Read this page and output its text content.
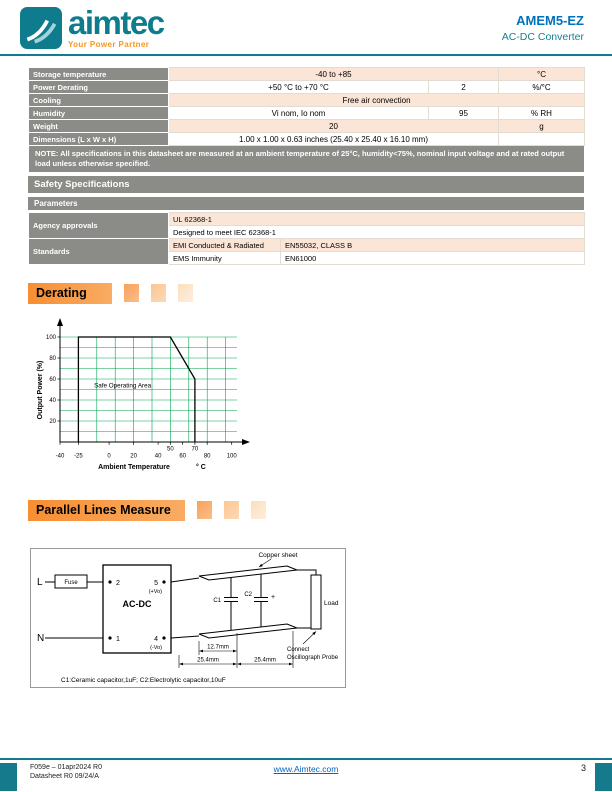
aimtec
Your Power Partner
AMEM5-EZ
AC-DC Converter
Storage temperature	-40 to +85		°C
Power Derating	+50 °C to +70 °C	2	%/°C
Cooling	Free air convection		
Humidity	Vi nom, Io nom	95	% RH
Weight	20		g
Dimensions (L x W x H)	1.00 x 1.00 x 0.63 inches (25.40 x 25.40 x 16.10 mm)		
NOTE: All specifications in this datasheet are measured at an ambient temperature of 25°C, humidity<75%, nominal input voltage and at rated output load unless otherwise specified.			
Safety Specifications
Parameters
Agency approvals	UL 62368-1	
	Designed to meet IEC 62368-1	
Standards	EMI Conducted & Radiated	EN55032, CLASS B
	EMS Immunity	EN61000
Derating
20
40
60
80
100
-40 -25	0	20	40
50
60
70
80	100
Safe Operating Area
Ambient Temperature	° C
Output Power (%)
Parallel Lines Measure
L
N
Fuse
AC-DC
2
1
5
(+Vo)
4
(-Vo)
Copper sheet
C1
C2	+
Load
12.7mm
25.4mm	25.4mm
Connect
Oscillograph Probe
C1:Ceramic capacitor,1uF; C2:Electrolytic capacitor,10uF
F059e – 01apr2024 R0
Datasheet R0 09/24/A
www.Aimtec.com	3
